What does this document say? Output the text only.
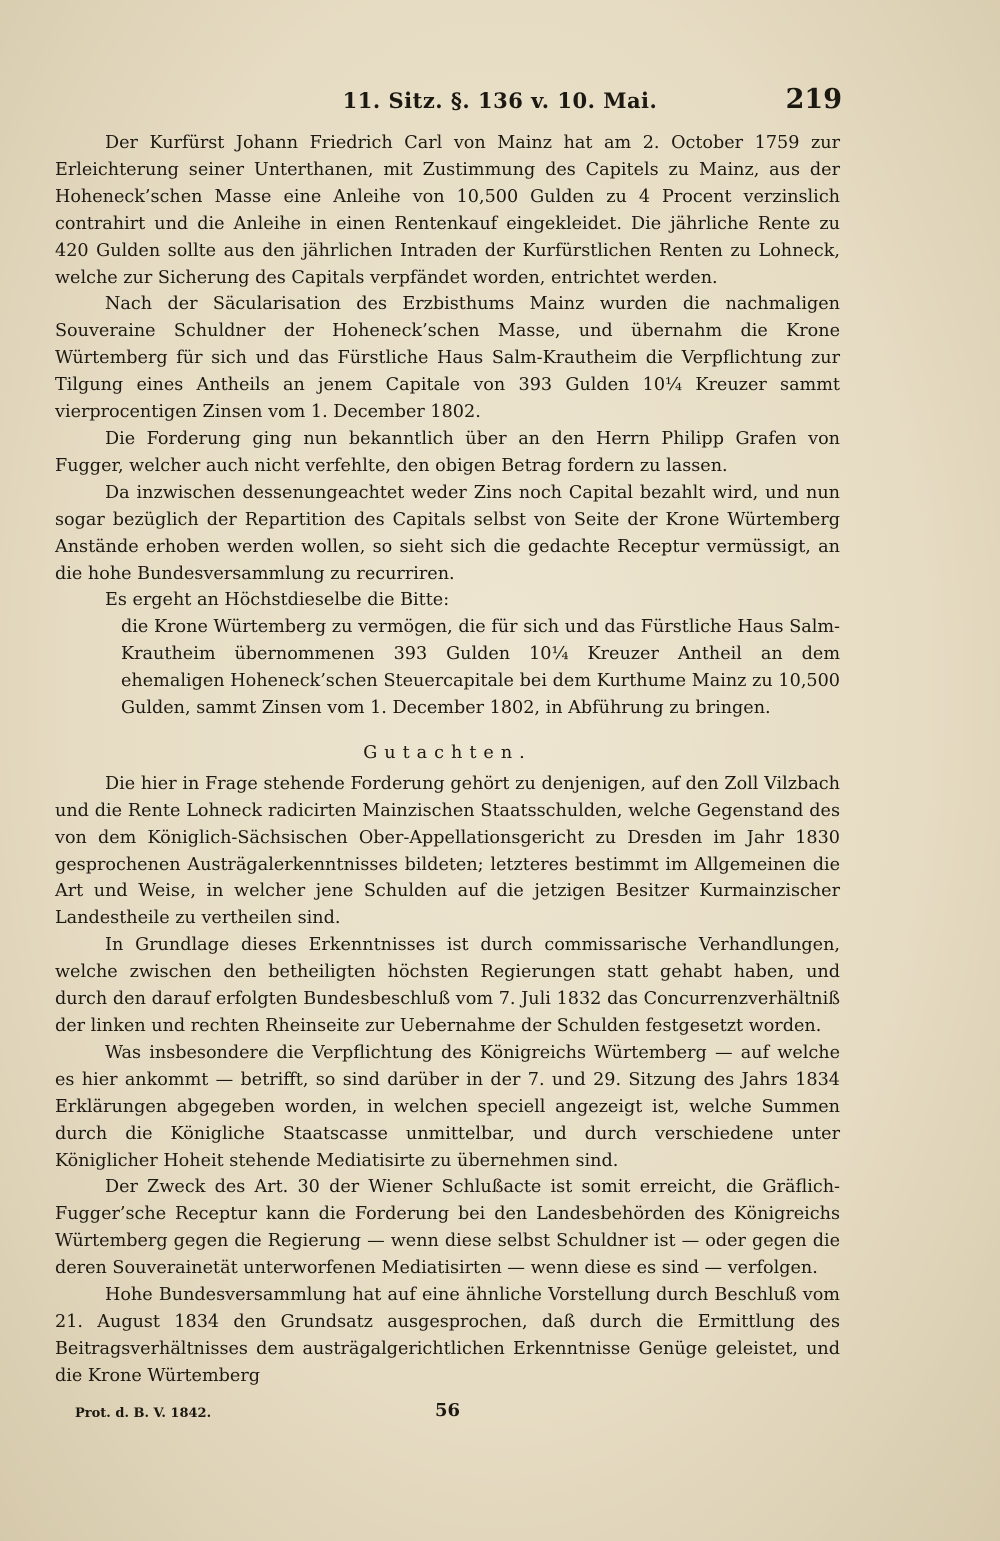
11. Sitz. §. 136 v. 10. Mai.	219

Der Kurfürst Johann Friedrich Carl von Mainz hat am 2. October 1759 zur Erleichterung seiner Unterthanen, mit Zustimmung des Capitels zu Mainz, aus der Hoheneck’schen Masse eine Anleihe von 10,500 Gulden zu 4 Procent verzinslich contrahirt und die Anleihe in einen Rentenkauf eingekleidet. Die jährliche Rente zu 420 Gulden sollte aus den jährlichen Intraden der Kurfürstlichen Renten zu Lohneck, welche zur Sicherung des Capitals verpfändet worden, entrichtet werden.

Nach der Säcularisation des Erzbisthums Mainz wurden die nachmaligen Souveraine Schuldner der Hoheneck’schen Masse, und übernahm die Krone Würtemberg für sich und das Fürstliche Haus Salm-Krautheim die Verpflichtung zur Tilgung eines Antheils an jenem Capitale von 393 Gulden 10¼ Kreuzer sammt vierprocentigen Zinsen vom 1. December 1802.

Die Forderung ging nun bekanntlich über an den Herrn Philipp Grafen von Fugger, welcher auch nicht verfehlte, den obigen Betrag fordern zu lassen.

Da inzwischen dessenungeachtet weder Zins noch Capital bezahlt wird, und nun sogar bezüglich der Repartition des Capitals selbst von Seite der Krone Würtemberg Anstände erhoben werden wollen, so sieht sich die gedachte Receptur vermüssigt, an die hohe Bundesversammlung zu recurriren.

Es ergeht an Höchstdieselbe die Bitte:

die Krone Würtemberg zu vermögen, die für sich und das Fürstliche Haus Salm-Krautheim übernommenen 393 Gulden 10¼ Kreuzer Antheil an dem ehemaligen Hoheneck’schen Steuercapitale bei dem Kurthume Mainz zu 10,500 Gulden, sammt Zinsen vom 1. December 1802, in Abführung zu bringen.

Gutachten.

Die hier in Frage stehende Forderung gehört zu denjenigen, auf den Zoll Vilzbach und die Rente Lohneck radicirten Mainzischen Staatsschulden, welche Gegenstand des von dem Königlich-Sächsischen Ober-Appellationsgericht zu Dresden im Jahr 1830 gesprochenen Austrägalerkenntnisses bildeten; letzteres bestimmt im Allgemeinen die Art und Weise, in welcher jene Schulden auf die jetzigen Besitzer Kurmainzischer Landestheile zu vertheilen sind.

In Grundlage dieses Erkenntnisses ist durch commissarische Verhandlungen, welche zwischen den betheiligten höchsten Regierungen statt gehabt haben, und durch den darauf erfolgten Bundesbeschluß vom 7. Juli 1832 das Concurrenzverhältniß der linken und rechten Rheinseite zur Uebernahme der Schulden festgesetzt worden.

Was insbesondere die Verpflichtung des Königreichs Würtemberg — auf welche es hier ankommt — betrifft, so sind darüber in der 7. und 29. Sitzung des Jahrs 1834 Erklärungen abgegeben worden, in welchen speciell angezeigt ist, welche Summen durch die Königliche Staatscasse unmittelbar, und durch verschiedene unter Königlicher Hoheit stehende Mediatisirte zu übernehmen sind.

Der Zweck des Art. 30 der Wiener Schlußacte ist somit erreicht, die Gräflich-Fugger’sche Receptur kann die Forderung bei den Landesbehörden des Königreichs Würtemberg gegen die Regierung — wenn diese selbst Schuldner ist — oder gegen die deren Souverainetät unterworfenen Mediatisirten — wenn diese es sind — verfolgen.

Hohe Bundesversammlung hat auf eine ähnliche Vorstellung durch Beschluß vom 21. August 1834 den Grundsatz ausgesprochen, daß durch die Ermittlung des Beitragsverhältnisses dem austrägalgerichtlichen Erkenntnisse Genüge geleistet, und die Krone Würtemberg

Prot. d. B. V. 1842.	56
